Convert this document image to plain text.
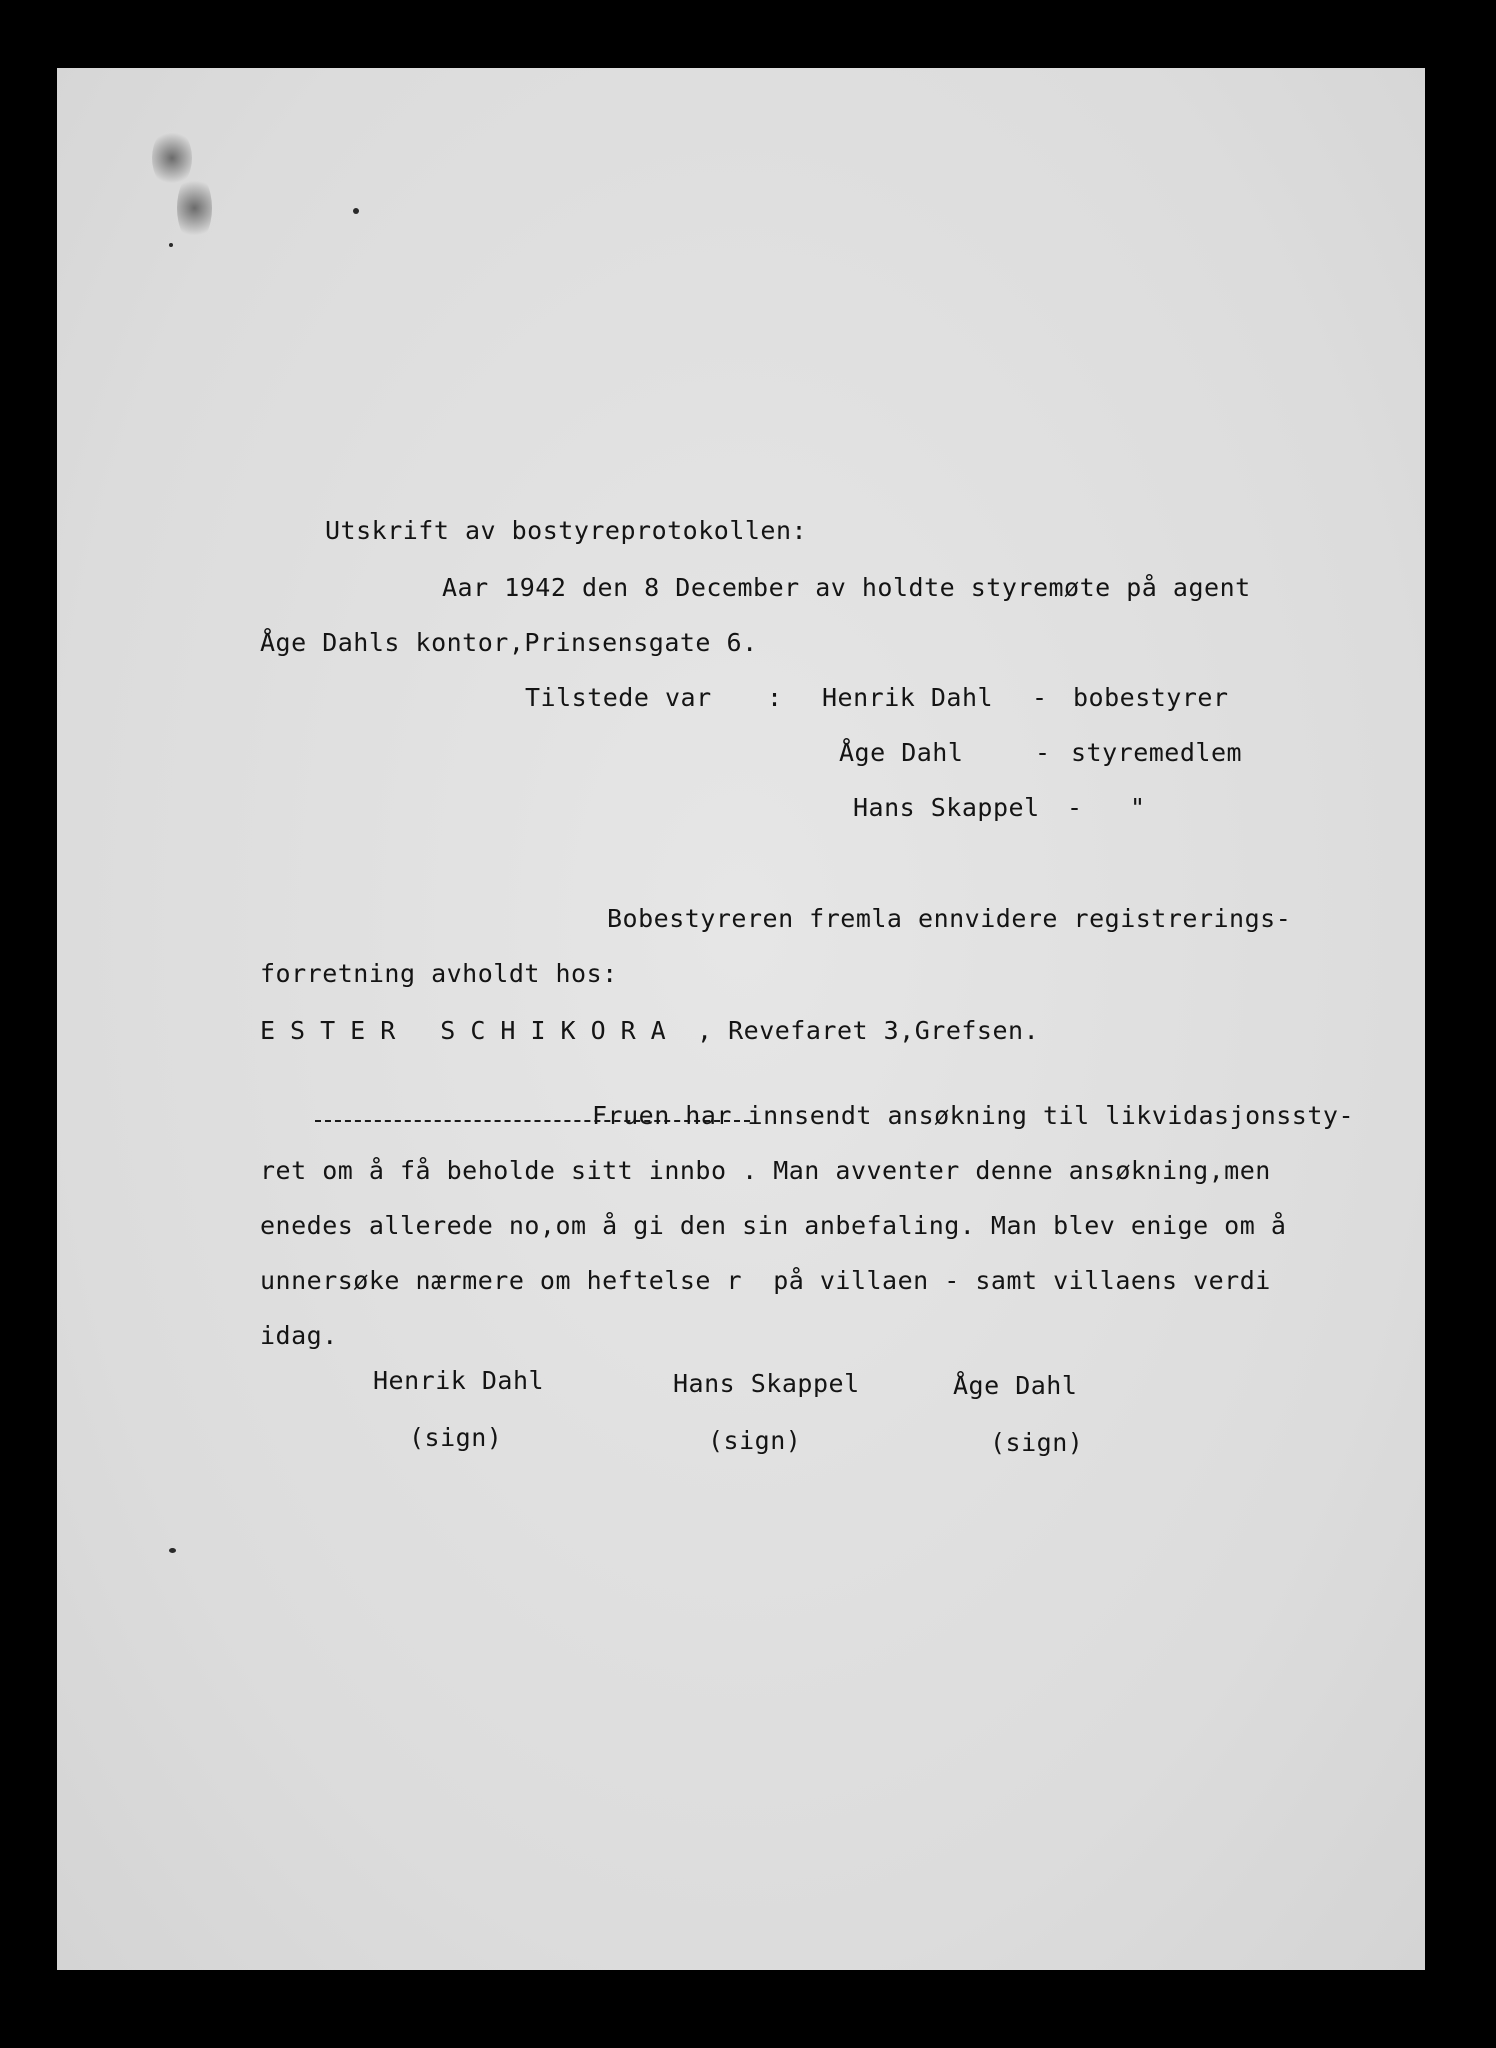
Utskrift av bostyreprotokollen:

Aar 1942 den 8 December av holdte styremøte på agent

Åge Dahls kontor,Prinsensgate 6.

Tilstede var : Henrik Dahl - bobestyrer

Åge Dahl	- styremedlem

Hans Skappel - "

Bobestyreren fremla ennvidere registrerings-

forretning avholdt hos:

ESTER SCHIKORA , Revefaret 3,Grefsen.

Fruen har innsendt ansøkning til likvidasjonssty-

ret om å få beholde sitt innbo . Man avventer denne ansøkning,men

enedes allerede no,om å gi den sin anbefaling. Man blev enige om å

unnersøke nærmere om heftelse r  på villaen - samt villaens verdi

idag.

Henrik Dahl

(sign)

Hans Skappel

(sign)

Åge Dahl

(sign)
